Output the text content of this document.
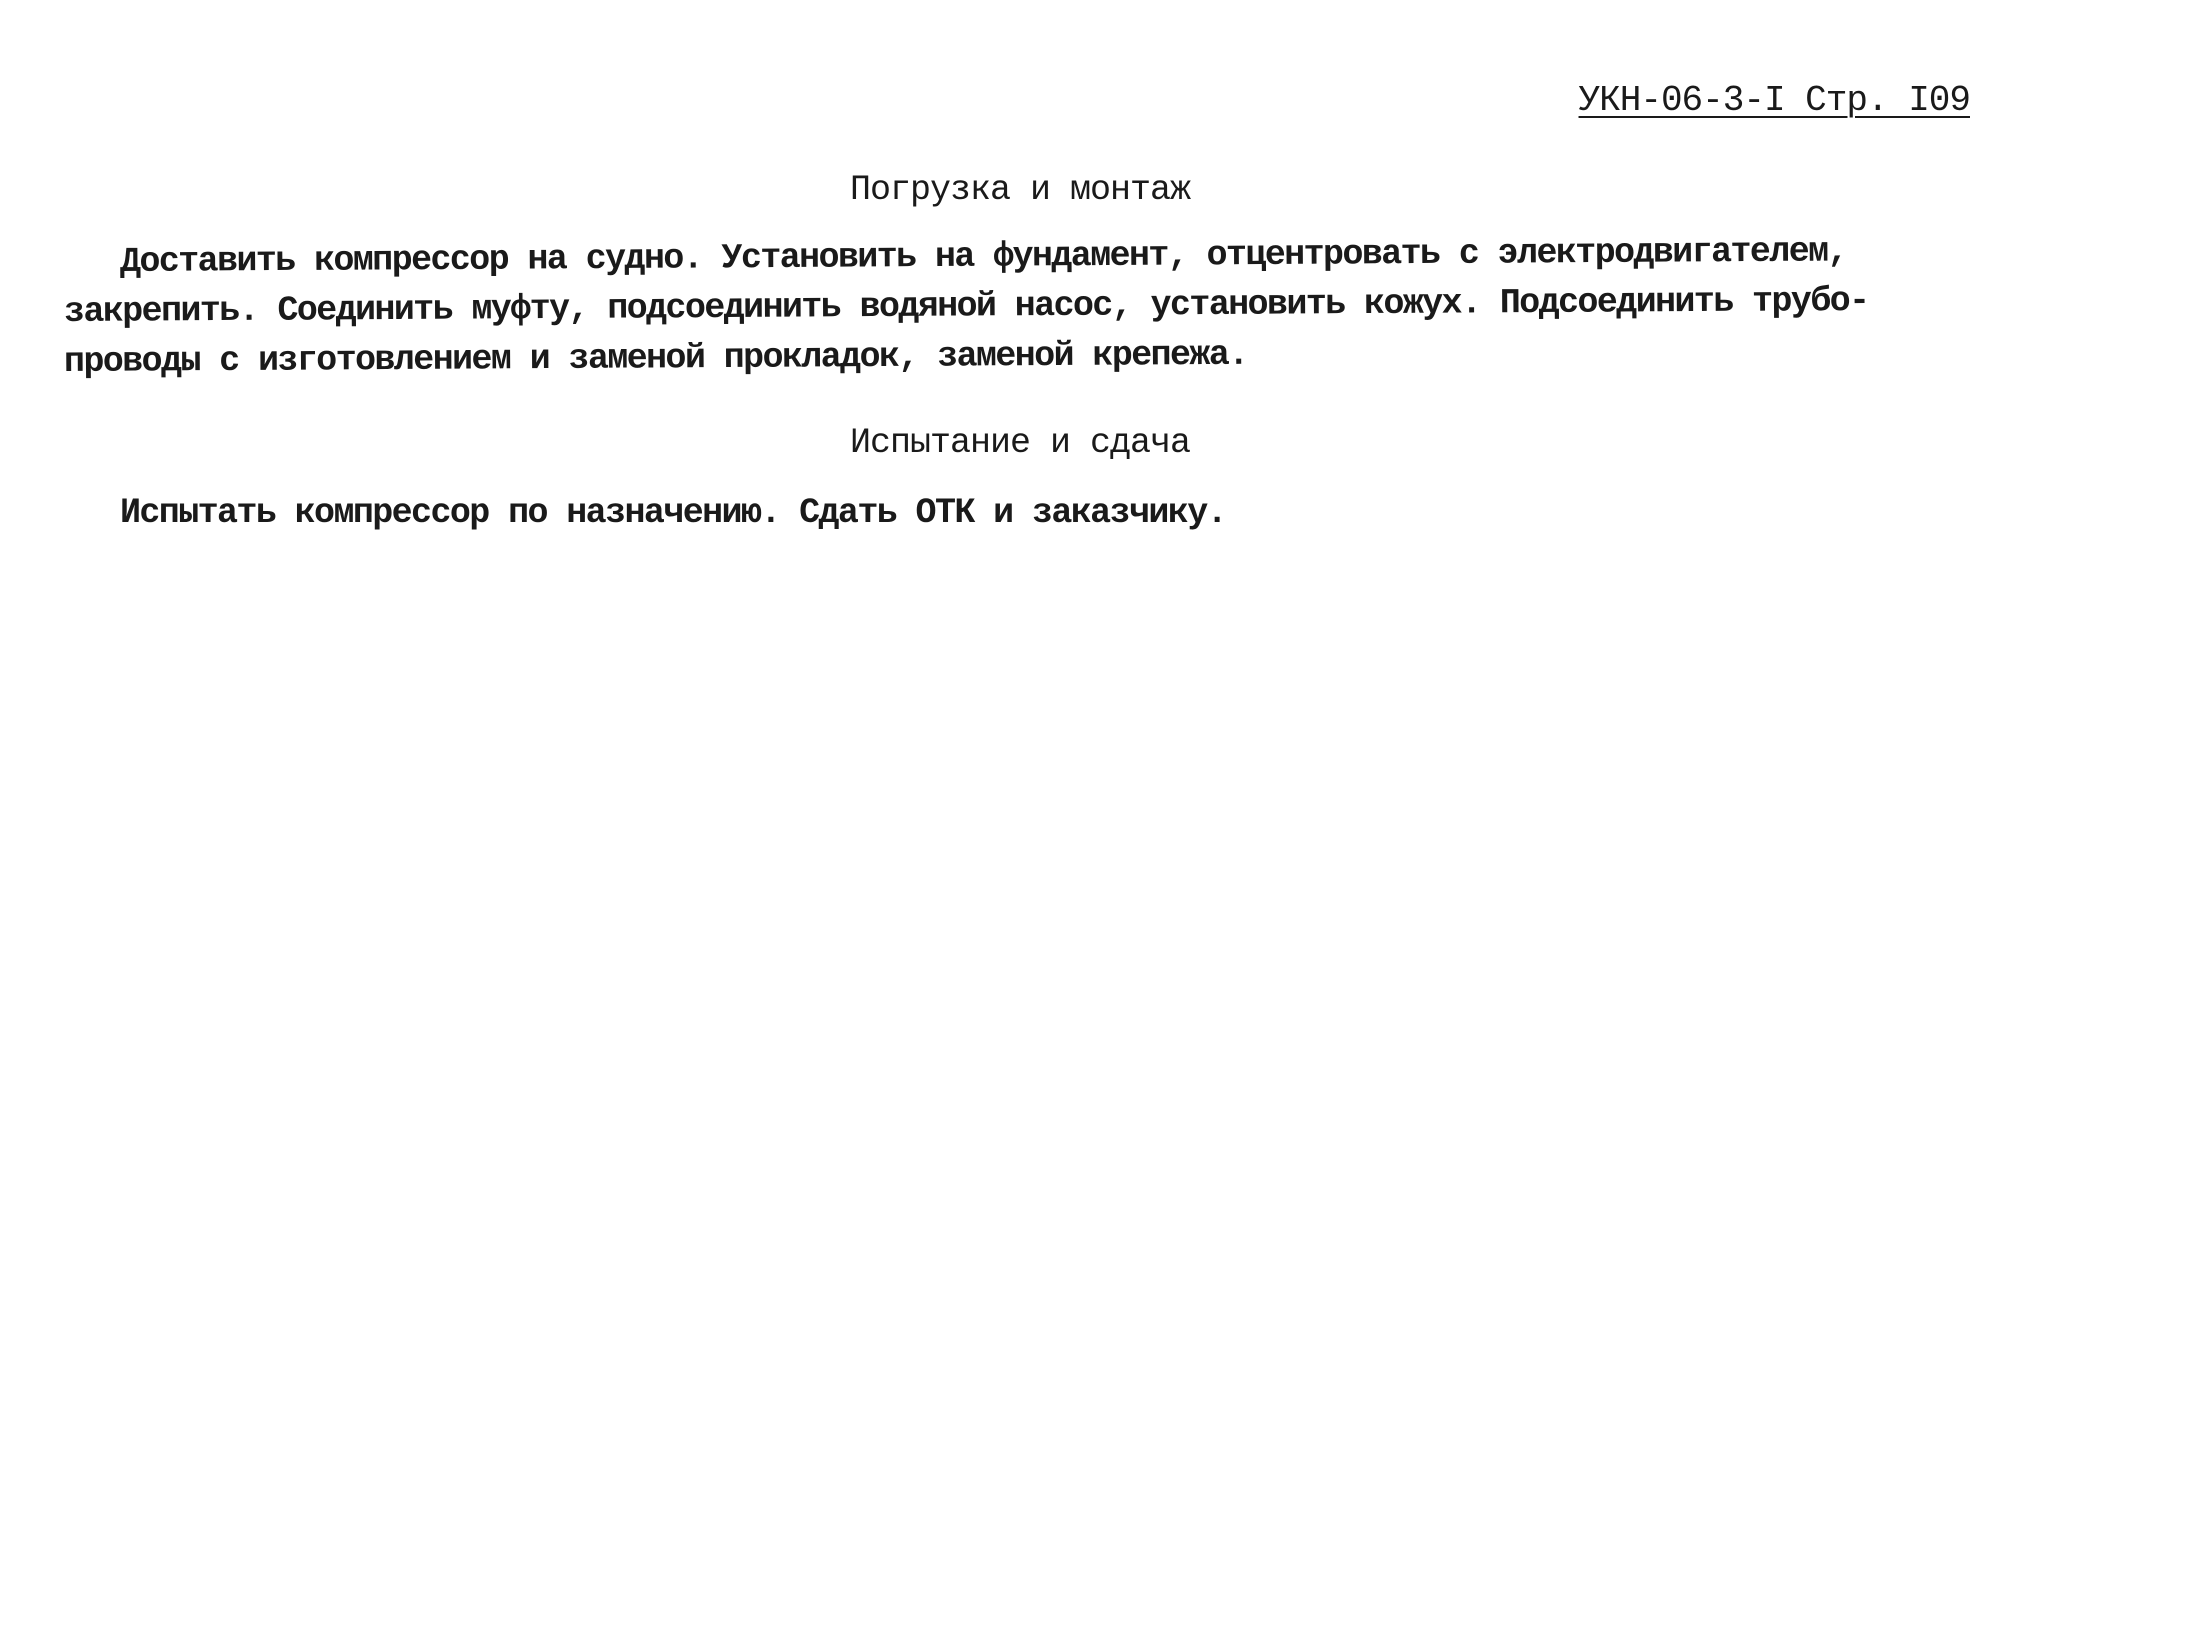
УКН-06-3-I Стр. I09
Погрузка и монтаж
Доставить компрессор на судно. Установить на фундамент, отцентровать с электродвигателем,
закрепить. Соединить муфту, подсоединить водяной насос, установить кожух. Подсоединить трубо-
проводы с изготовлением и заменой прокладок, заменой крепежа.
Испытание и сдача
Испытать компрессор по назначению. Сдать ОТК и заказчику.
